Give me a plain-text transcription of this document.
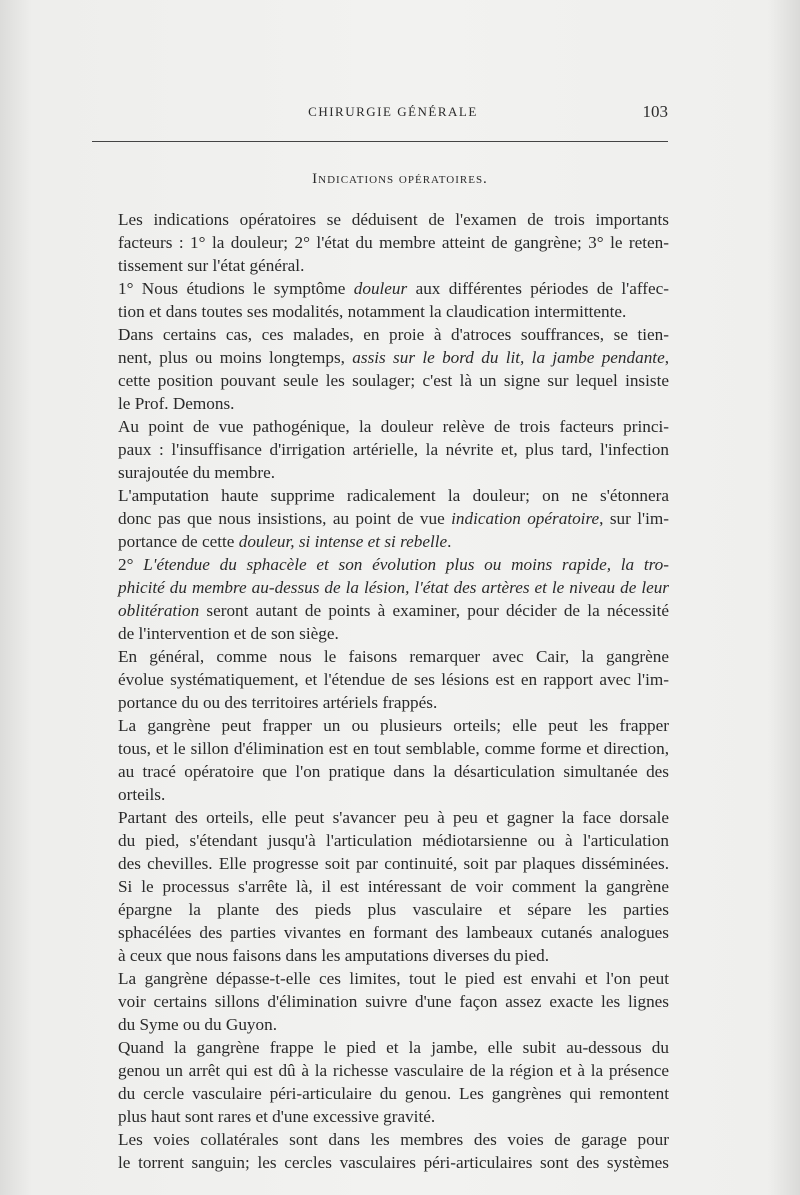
CHIRURGIE GÉNÉRALE	103
Indications opératoires.
Les indications opératoires se déduisent de l'examen de trois importants
facteurs : 1° la douleur; 2° l'état du membre atteint de gangrène; 3° le reten-
tissement sur l'état général.
1° Nous étudions le symptôme douleur aux différentes périodes de l'affec-
tion et dans toutes ses modalités, notamment la claudication intermittente.
Dans certains cas, ces malades, en proie à d'atroces souffrances, se tien-
nent, plus ou moins longtemps, assis sur le bord du lit, la jambe pendante,
cette position pouvant seule les soulager; c'est là un signe sur lequel insiste
le Prof. Demons.
Au point de vue pathogénique, la douleur relève de trois facteurs princi-
paux : l'insuffisance d'irrigation artérielle, la névrite et, plus tard, l'infection
surajoutée du membre.
L'amputation haute supprime radicalement la douleur; on ne s'étonnera
donc pas que nous insistions, au point de vue indication opératoire, sur l'im-
portance de cette douleur, si intense et si rebelle.
2° L'étendue du sphacèle et son évolution plus ou moins rapide, la tro-
phicité du membre au-dessus de la lésion, l'état des artères et le niveau de leur
oblitération seront autant de points à examiner, pour décider de la nécessité
de l'intervention et de son siège.
En général, comme nous le faisons remarquer avec Cair, la gangrène
évolue systématiquement, et l'étendue de ses lésions est en rapport avec l'im-
portance du ou des territoires artériels frappés.
La gangrène peut frapper un ou plusieurs orteils; elle peut les frapper
tous, et le sillon d'élimination est en tout semblable, comme forme et direction,
au tracé opératoire que l'on pratique dans la désarticulation simultanée des
orteils.
Partant des orteils, elle peut s'avancer peu à peu et gagner la face dorsale
du pied, s'étendant jusqu'à l'articulation médiotarsienne ou à l'articulation
des chevilles. Elle progresse soit par continuité, soit par plaques disséminées.
Si le processus s'arrête là, il est intéressant de voir comment la gangrène
épargne la plante des pieds plus vasculaire et sépare les parties
sphacélées des parties vivantes en formant des lambeaux cutanés analogues
à ceux que nous faisons dans les amputations diverses du pied.
La gangrène dépasse-t-elle ces limites, tout le pied est envahi et l'on peut
voir certains sillons d'élimination suivre d'une façon assez exacte les lignes
du Syme ou du Guyon.
Quand la gangrène frappe le pied et la jambe, elle subit au-dessous du
genou un arrêt qui est dû à la richesse vasculaire de la région et à la présence
du cercle vasculaire péri-articulaire du genou. Les gangrènes qui remontent
plus haut sont rares et d'une excessive gravité.
Les voies collatérales sont dans les membres des voies de garage pour
le torrent sanguin; les cercles vasculaires péri-articulaires sont des systèmes
